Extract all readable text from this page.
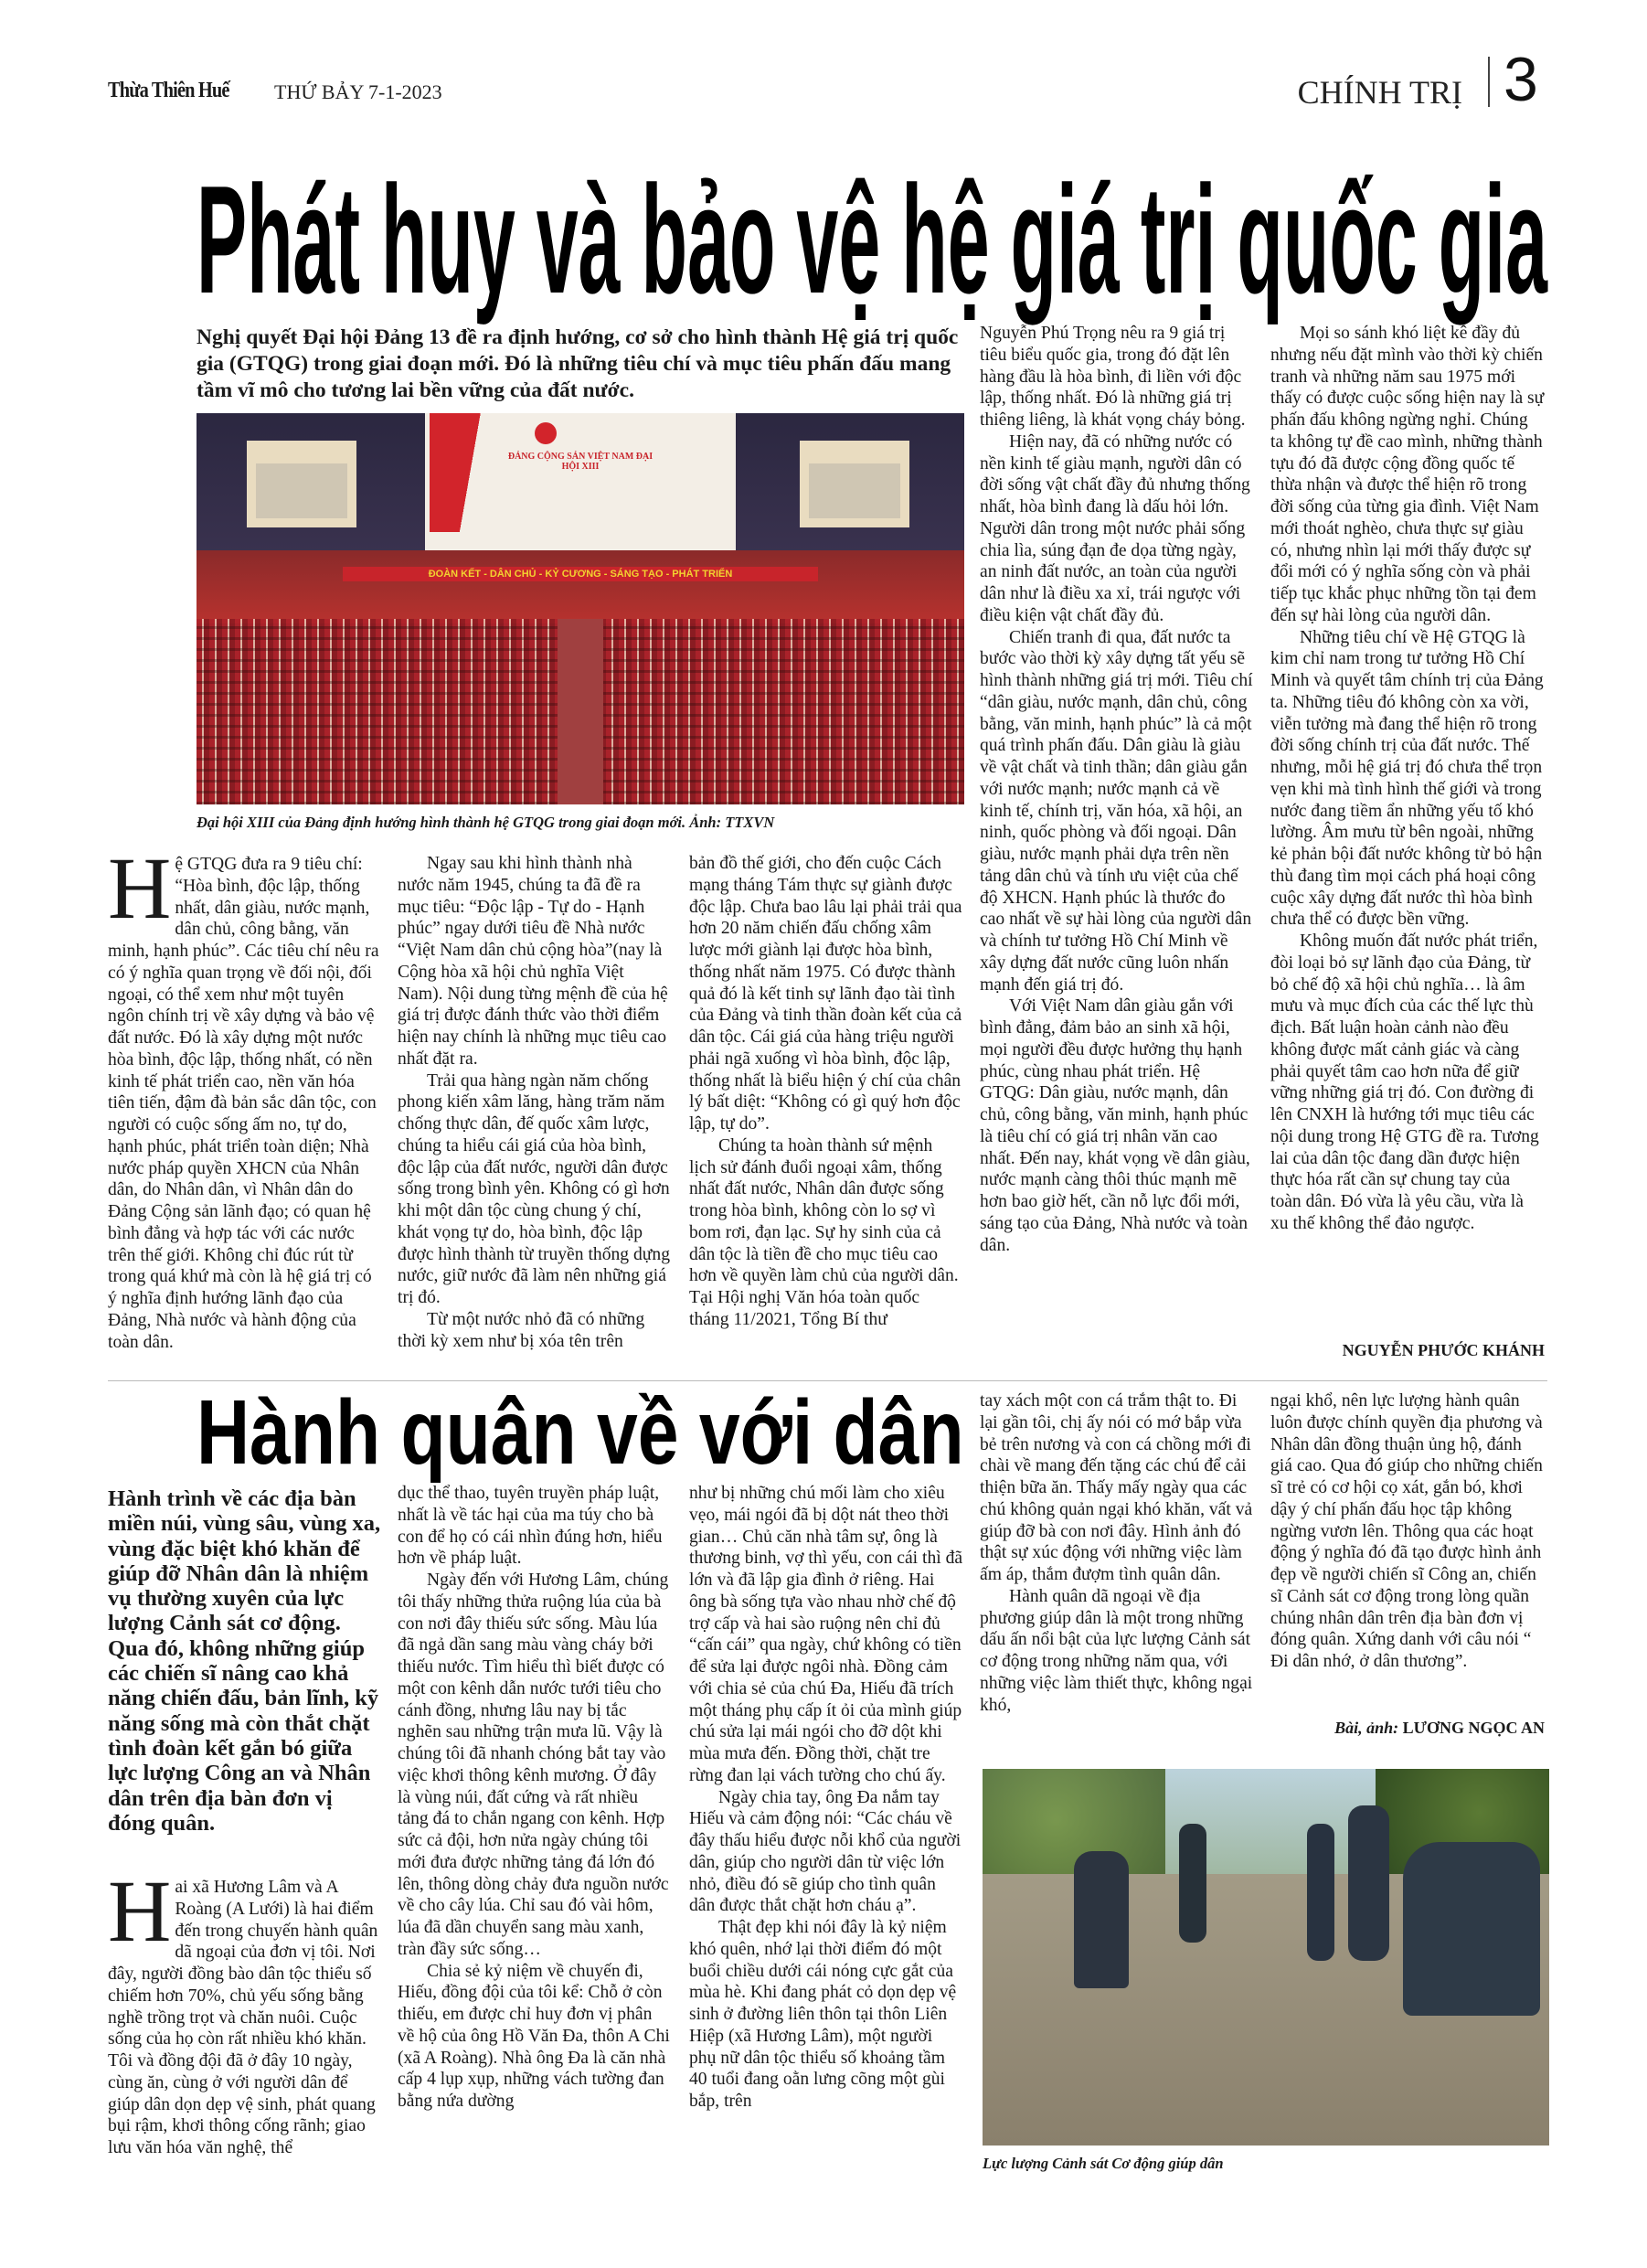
Thừa Thiên Huế THỨ BẢY 7-1-2023	CHÍNH TRỊ 3
Phát huy và bảo vệ hệ giá trị quốc gia
Nghị quyết Đại hội Đảng 13 đề ra định hướng, cơ sở cho hình thành Hệ giá trị quốc gia (GTQG) trong giai đoạn mới. Đó là những tiêu chí và mục tiêu phấn đấu mang tầm vĩ mô cho tương lai bền vững của đất nước.
ĐẢNG CỘNG SẢN VIỆT NAM ĐẠI HỘI XIII
ĐOÀN KẾT - DÂN CHỦ - KỶ CƯƠNG - SÁNG TẠO - PHÁT TRIỂN
Đại hội XIII của Đảng định hướng hình thành hệ GTQG trong giai đoạn mới. Ảnh: TTXVN
H ệ GTQG đưa ra 9 tiêu chí: “Hòa bình, độc lập, thống nhất, dân giàu, nước mạnh, dân chủ, công bằng, văn minh, hạnh phúc”. Các tiêu chí nêu ra có ý nghĩa quan trọng về đối nội, đối ngoại, có thể xem như một tuyên ngôn chính trị về xây dựng và bảo vệ đất nước. Đó là xây dựng một nước hòa bình, độc lập, thống nhất, có nền kinh tế phát triển cao, nền văn hóa tiên tiến, đậm đà bản sắc dân tộc, con người có cuộc sống ấm no, tự do, hạnh phúc, phát triển toàn diện; Nhà nước pháp quyền XHCN của Nhân dân, do Nhân dân, vì Nhân dân do Đảng Cộng sản lãnh đạo; có quan hệ bình đẳng và hợp tác với các nước trên thế giới. Không chỉ đúc rút từ trong quá khứ mà còn là hệ giá trị có ý nghĩa định hướng lãnh đạo của Đảng, Nhà nước và hành động của toàn dân.

Ngay sau khi hình thành nhà nước năm 1945, chúng ta đã đề ra mục tiêu: “Độc lập - Tự do - Hạnh phúc” ngay dưới tiêu đề Nhà nước “Việt Nam dân chủ cộng hòa”(nay là Cộng hòa xã hội chủ nghĩa Việt Nam). Nội dung từng mệnh đề của hệ giá trị được đánh thức vào thời điểm hiện nay chính là những mục tiêu cao nhất đặt ra.

Trải qua hàng ngàn năm chống phong kiến xâm lăng, hàng trăm năm chống thực dân, đế quốc xâm lược, chúng ta hiểu cái giá của hòa bình, độc lập của đất nước, người dân được sống trong bình yên. Không có gì hơn khi một dân tộc cùng chung ý chí, khát vọng tự do, hòa bình, độc lập được hình thành từ truyền thống dựng nước, giữ nước đã làm nên những giá trị đó.

Từ một nước nhỏ đã có những thời kỳ xem như bị xóa tên trên

bản đồ thế giới, cho đến cuộc Cách mạng tháng Tám thực sự giành được độc lập. Chưa bao lâu lại phải trải qua hơn 20 năm chiến đấu chống xâm lược mới giành lại được hòa bình, thống nhất năm 1975. Có được thành quả đó là kết tinh sự lãnh đạo tài tình của Đảng và tinh thần đoàn kết của cả dân tộc. Cái giá của hàng triệu người phải ngã xuống vì hòa bình, độc lập, thống nhất là biểu hiện ý chí của chân lý bất diệt: “Không có gì quý hơn độc lập, tự do”.

Chúng ta hoàn thành sứ mệnh lịch sử đánh đuổi ngoại xâm, thống nhất đất nước, Nhân dân được sống trong hòa bình, không còn lo sợ vì bom rơi, đạn lạc. Sự hy sinh của cả dân tộc là tiền đề cho mục tiêu cao hơn về quyền làm chủ của người dân. Tại Hội nghị Văn hóa toàn quốc tháng 11/2021, Tổng Bí thư

Nguyễn Phú Trọng nêu ra 9 giá trị tiêu biểu quốc gia, trong đó đặt lên hàng đầu là hòa bình, đi liền với độc lập, thống nhất. Đó là những giá trị thiêng liêng, là khát vọng cháy bỏng.

Hiện nay, đã có những nước có nền kinh tế giàu mạnh, người dân có đời sống vật chất đầy đủ nhưng thống nhất, hòa bình đang là dấu hỏi lớn. Người dân trong một nước phải sống chia lìa, súng đạn đe dọa từng ngày, an ninh đất nước, an toàn của người dân như là điều xa xỉ, trái ngược với điều kiện vật chất đầy đủ.

Chiến tranh đi qua, đất nước ta bước vào thời kỳ xây dựng tất yếu sẽ hình thành những giá trị mới. Tiêu chí “dân giàu, nước mạnh, dân chủ, công bằng, văn minh, hạnh phúc” là cả một quá trình phấn đấu. Dân giàu là giàu về vật chất và tinh thần; dân giàu gắn với nước mạnh; nước mạnh cả về kinh tế, chính trị, văn hóa, xã hội, an ninh, quốc phòng và đối ngoại. Dân giàu, nước mạnh phải dựa trên nền tảng dân chủ và tính ưu việt của chế độ XHCN. Hạnh phúc là thước đo cao nhất về sự hài lòng của người dân và chính tư tưởng Hồ Chí Minh về xây dựng đất nước cũng luôn nhấn mạnh đến giá trị đó.

Với Việt Nam dân giàu gắn với bình đẳng, đảm bảo an sinh xã hội, mọi người đều được hưởng thụ hạnh phúc, cùng nhau phát triển. Hệ GTQG: Dân giàu, nước mạnh, dân chủ, công bằng, văn minh, hạnh phúc là tiêu chí có giá trị nhân văn cao nhất. Đến nay, khát vọng về dân giàu, nước mạnh càng thôi thúc mạnh mẽ hơn bao giờ hết, cần nỗ lực đổi mới, sáng tạo của Đảng, Nhà nước và toàn dân.

Mọi so sánh khó liệt kê đầy đủ nhưng nếu đặt mình vào thời kỳ chiến tranh và những năm sau 1975 mới thấy có được cuộc sống hiện nay là sự phấn đấu không ngừng nghỉ. Chúng ta không tự đề cao mình, những thành tựu đó đã được cộng đồng quốc tế thừa nhận và được thể hiện rõ trong đời sống của từng gia đình. Việt Nam mới thoát nghèo, chưa thực sự giàu có, nhưng nhìn lại mới thấy được sự đổi mới có ý nghĩa sống còn và phải tiếp tục khắc phục những tồn tại đem đến sự hài lòng của người dân.

Những tiêu chí về Hệ GTQG là kim chỉ nam trong tư tưởng Hồ Chí Minh và quyết tâm chính trị của Đảng ta. Những tiêu đó không còn xa vời, viễn tưởng mà đang thể hiện rõ trong đời sống chính trị của đất nước. Thế nhưng, mỗi hệ giá trị đó chưa thể trọn vẹn khi mà tình hình thế giới và trong nước đang tiềm ẩn những yếu tố khó lường. Âm mưu từ bên ngoài, những kẻ phản bội đất nước không từ bỏ hận thù đang tìm mọi cách phá hoại công cuộc xây dựng đất nước thì hòa bình chưa thể có được bền vững.

Không muốn đất nước phát triển, đòi loại bỏ sự lãnh đạo của Đảng, từ bỏ chế độ xã hội chủ nghĩa… là âm mưu và mục đích của các thế lực thù địch. Bất luận hoàn cảnh nào đều không được mất cảnh giác và càng phải quyết tâm cao hơn nữa để giữ vững những giá trị đó. Con đường đi lên CNXH là hướng tới mục tiêu các nội dung trong Hệ GTG đề ra. Tương lai của dân tộc đang dần được hiện thực hóa rất cần sự chung tay của toàn dân. Đó vừa là yêu cầu, vừa là xu thế không thể đảo ngược.

NGUYỄN PHƯỚC KHÁNH
Hành quân về với dân
Hành trình về các địa bàn miền núi, vùng sâu, vùng xa, vùng đặc biệt khó khăn để giúp đỡ Nhân dân là nhiệm vụ thường xuyên của lực lượng Cảnh sát cơ động. Qua đó, không những giúp các chiến sĩ nâng cao khả năng chiến đấu, bản lĩnh, kỹ năng sống mà còn thắt chặt tình đoàn kết gắn bó giữa lực lượng Công an và Nhân dân trên địa bàn đơn vị đóng quân.
H ai xã Hương Lâm và A Roàng (A Lưới) là hai điểm đến trong chuyến hành quân dã ngoại của đơn vị tôi. Nơi đây, người đồng bào dân tộc thiểu số chiếm hơn 70%, chủ yếu sống bằng nghề trồng trọt và chăn nuôi. Cuộc sống của họ còn rất nhiều khó khăn. Tôi và đồng đội đã ở đây 10 ngày, cùng ăn, cùng ở với người dân để giúp dân dọn dẹp vệ sinh, phát quang bụi rậm, khơi thông cống rãnh; giao lưu văn hóa văn nghệ, thể

dục thể thao, tuyên truyền pháp luật, nhất là về tác hại của ma túy cho bà con để họ có cái nhìn đúng hơn, hiểu hơn về pháp luật.

Ngày đến với Hương Lâm, chúng tôi thấy những thửa ruộng lúa của bà con nơi đây thiếu sức sống. Màu lúa đã ngả dần sang màu vàng cháy bởi thiếu nước. Tìm hiểu thì biết được có một con kênh dẫn nước tưới tiêu cho cánh đồng, nhưng lâu nay bị tắc nghẽn sau những trận mưa lũ. Vậy là chúng tôi đã nhanh chóng bắt tay vào việc khơi thông kênh mương. Ở đây là vùng núi, đất cứng và rất nhiều tảng đá to chắn ngang con kênh. Hợp sức cả đội, hơn nửa ngày chúng tôi mới đưa được những tảng đá lớn đó lên, thông dòng chảy đưa nguồn nước về cho cây lúa. Chỉ sau đó vài hôm, lúa đã dần chuyển sang màu xanh, tràn đầy sức sống…

Chia sẻ kỷ niệm về chuyến đi, Hiếu, đồng đội của tôi kể: Chỗ ở còn thiếu, em được chỉ huy đơn vị phân về hộ của ông Hồ Văn Đa, thôn A Chi (xã A Roàng). Nhà ông Đa là căn nhà cấp 4 lụp xụp, những vách tường đan bằng nứa dường

như bị những chú mối làm cho xiêu vẹo, mái ngói đã bị dột nát theo thời gian… Chủ căn nhà tâm sự, ông là thương binh, vợ thì yếu, con cái thì đã lớn và đã lập gia đình ở riêng. Hai ông bà sống tựa vào nhau nhờ chế độ trợ cấp và hai sào ruộng nên chỉ đủ “cấn cái” qua ngày, chứ không có tiền để sửa lại được ngôi nhà. Đồng cảm với chia sẻ của chú Đa, Hiếu đã trích một tháng phụ cấp ít ỏi của mình giúp chú sửa lại mái ngói cho đỡ dột khi mùa mưa đến. Đồng thời, chặt tre rừng đan lại vách tường cho chú ấy.

Ngày chia tay, ông Đa nắm tay Hiếu và cảm động nói: “Các cháu về đây thấu hiểu được nỗi khổ của người dân, giúp cho người dân từ việc lớn nhỏ, điều đó sẽ giúp cho tình quân dân được thắt chặt hơn cháu ạ”.

Thật đẹp khi nói đây là kỷ niệm khó quên, nhớ lại thời điểm đó một buổi chiều dưới cái nóng cực gắt của mùa hè. Khi đang phát cỏ dọn dẹp vệ sinh ở đường liên thôn tại thôn Liên Hiệp (xã Hương Lâm), một người phụ nữ dân tộc thiểu số khoảng tầm 40 tuổi đang oằn lưng cõng một gùi bắp, trên

tay xách một con cá trắm thật to. Đi lại gần tôi, chị ấy nói có mớ bắp vừa bẻ trên nương và con cá chồng mới đi chài về mang đến tặng các chú để cải thiện bữa ăn. Thấy mấy ngày qua các chú không quản ngại khó khăn, vất vả giúp đỡ bà con nơi đây. Hình ảnh đó thật sự xúc động với những việc làm ấm áp, thắm đượm tình quân dân.

Hành quân dã ngoại về địa phương giúp dân là một trong những dấu ấn nổi bật của lực lượng Cảnh sát cơ động trong những năm qua, với những việc làm thiết thực, không ngại khó,

ngại khổ, nên lực lượng hành quân luôn được chính quyền địa phương và Nhân dân đồng thuận ủng hộ, đánh giá cao. Qua đó giúp cho những chiến sĩ trẻ có cơ hội cọ xát, gắn bó, khơi dậy ý chí phấn đấu học tập không ngừng vươn lên. Thông qua các hoạt động ý nghĩa đó đã tạo được hình ảnh đẹp về người chiến sĩ Công an, chiến sĩ Cảnh sát cơ động trong lòng quần chúng nhân dân trên địa bàn đơn vị đóng quân. Xứng danh với câu nói “ Đi dân nhớ, ở dân thương”.

Bài, ảnh: LƯƠNG NGỌC AN
Lực lượng Cảnh sát Cơ động giúp dân
